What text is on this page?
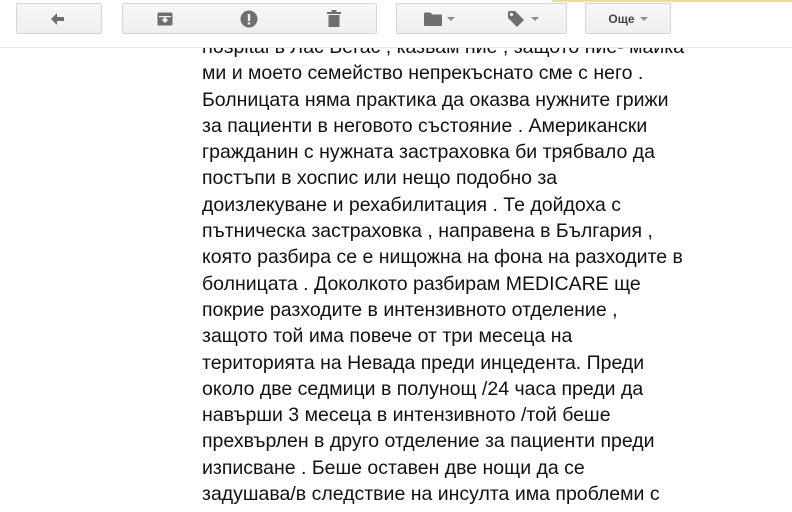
Още

ми и моето семейство непрекъснато сме с него .

Болницата няма практика да оказва нужните грижи

за пациенти в неговото състояние . Американски

гражданин с нужната застраховка би трябвало да

постъпи в хоспис или нещо подобно за

доизлекуване и рехабилитация . Те дойдоха с

пътническа застраховка , направена в България ,

която разбира се е нищожна на фона на разходите в

болницата . Доколкото разбирам MEDICARE ще

покрие разходите в интензивното отделение ,

защото той има повече от три месеца на

територията на Невада преди инцедента. Преди

около две седмици в полунощ /24 часа преди да

навърши 3 месеца в интензивното /той беше

прехвърлен в друго отделение за пациенти преди

изписване . Беше оставен две нощи да се

задушава/в следствие на инсулта има проблеми с
